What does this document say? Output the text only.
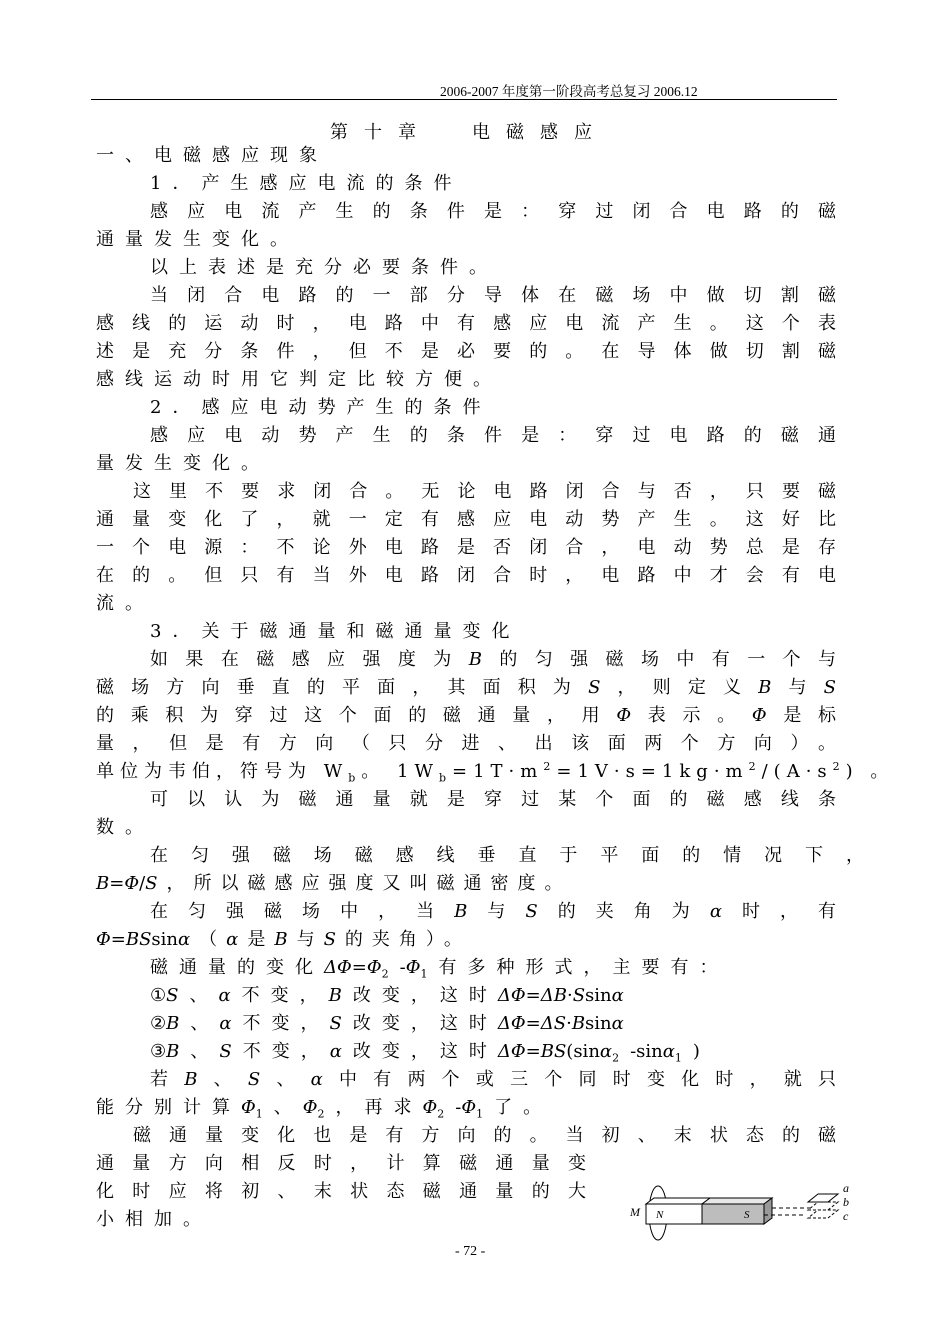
2006-2007 年度第一阶段高考总复习 2006.12
第十章 电磁感应
一、电磁感应现象
1．产生感应电流的条件
感应电流产生的条件是：穿过闭合电路的磁
通量发生变化。
以上表述是充分必要条件。
当闭合电路的一部分导体在磁场中做切割磁
感线的运动时，电路中有感应电流产生。这个表
述是充分条件，但不是必要的。在导体做切割磁
感线运动时用它判定比较方便。
2．感应电动势产生的条件
感应电动势产生的条件是：穿过电路的磁通
量发生变化。
这里不要求闭合。无论电路闭合与否，只要磁
通量变化了，就一定有感应电动势产生。这好比
一个电源：不论外电路是否闭合，电动势总是存
在的。但只有当外电路闭合时，电路中才会有电
流。
3．关于磁通量和磁通量变化
如果在磁感应强度为B的匀强磁场中有一个与
磁场方向垂直的平面，其面积为S，则定义B与S
的乘积为穿过这个面的磁通量，用Φ表示。Φ是标
量，但是有方向（只分进、出该面两个方向）。
单位为韦伯，符号为 $W_b$。 $1W_b=1T\cdot m^2=1V\cdot s=1kg\cdot m^2/(A\cdot s^2)$ 。
可以认为磁通量就是穿过某个面的磁感线条
数。
在匀强磁场磁感线垂直于平面的情况下，
B=Φ/S，所以磁感应强度又叫磁通密度。
在匀强磁场中，当B与S的夹角为α时，有
Φ=BSsinα（α是B与S的夹角）。
磁通量的变化$\Delta\Phi=\Phi_2-\Phi_1$有多种形式，主要有：
①S、α不变，B改变，这时ΔΦ=ΔB·Ssinα
②B、α不变，S改变，这时ΔΦ=ΔS·Bsinα
③B、S不变，α改变，这时ΔΦ=BS(sinα$_2$-sinα$_1$)
若B、S、α中有两个或三个同时变化时，就只
能分别计算$\Phi_1$、$\Phi_2$，再求$\Phi_2-\Phi_1$了。
磁通量变化也是有方向的。当初、末状态的磁
通量方向相反时，计算磁通量变
化时应将初、末状态磁通量的大
小相加。	M N	S
a
b
c
- 72 -
